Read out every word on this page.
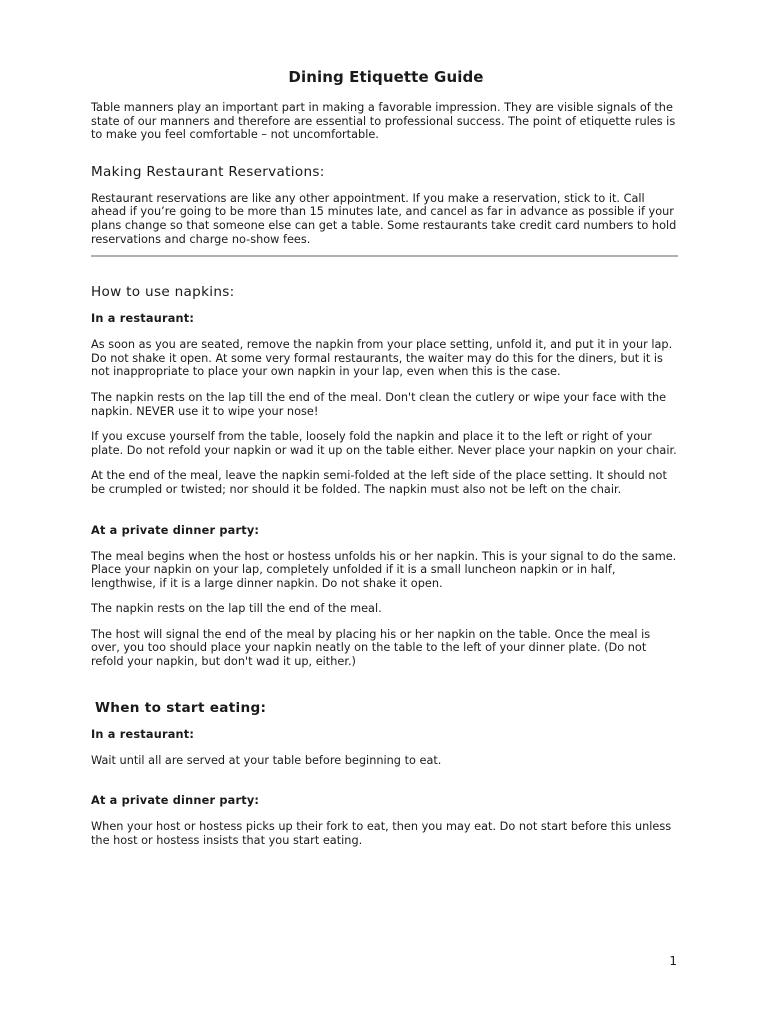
Dining Etiquette Guide

Table manners play an important part in making a favorable impression. They are visible signals of the state of our manners and therefore are essential to professional success. The point of etiquette rules is to make you feel comfortable – not uncomfortable.

Making Restaurant Reservations:

Restaurant reservations are like any other appointment. If you make a reservation, stick to it. Call ahead if you’re going to be more than 15 minutes late, and cancel as far in advance as possible if your plans change so that someone else can get a table. Some restaurants take credit card numbers to hold reservations and charge no-show fees.

How to use napkins:
In a restaurant:

As soon as you are seated, remove the napkin from your place setting, unfold it, and put it in your lap. Do not shake it open. At some very formal restaurants, the waiter may do this for the diners, but it is not inappropriate to place your own napkin in your lap, even when this is the case.

The napkin rests on the lap till the end of the meal. Don't clean the cutlery or wipe your face with the napkin. NEVER use it to wipe your nose!

If you excuse yourself from the table, loosely fold the napkin and place it to the left or right of your plate. Do not refold your napkin or wad it up on the table either. Never place your napkin on your chair.

At the end of the meal, leave the napkin semi-folded at the left side of the place setting. It should not be crumpled or twisted; nor should it be folded. The napkin must also not be left on the chair.

At a private dinner party:

The meal begins when the host or hostess unfolds his or her napkin. This is your signal to do the same. Place your napkin on your lap, completely unfolded if it is a small luncheon napkin or in half, lengthwise, if it is a large dinner napkin. Do not shake it open.

The napkin rests on the lap till the end of the meal.

The host will signal the end of the meal by placing his or her napkin on the table. Once the meal is over, you too should place your napkin neatly on the table to the left of your dinner plate. (Do not refold your napkin, but don't wad it up, either.)

When to start eating:
In a restaurant:

Wait until all are served at your table before beginning to eat.

At a private dinner party:

When your host or hostess picks up their fork to eat, then you may eat. Do not start before this unless the host or hostess insists that you start eating.

1
